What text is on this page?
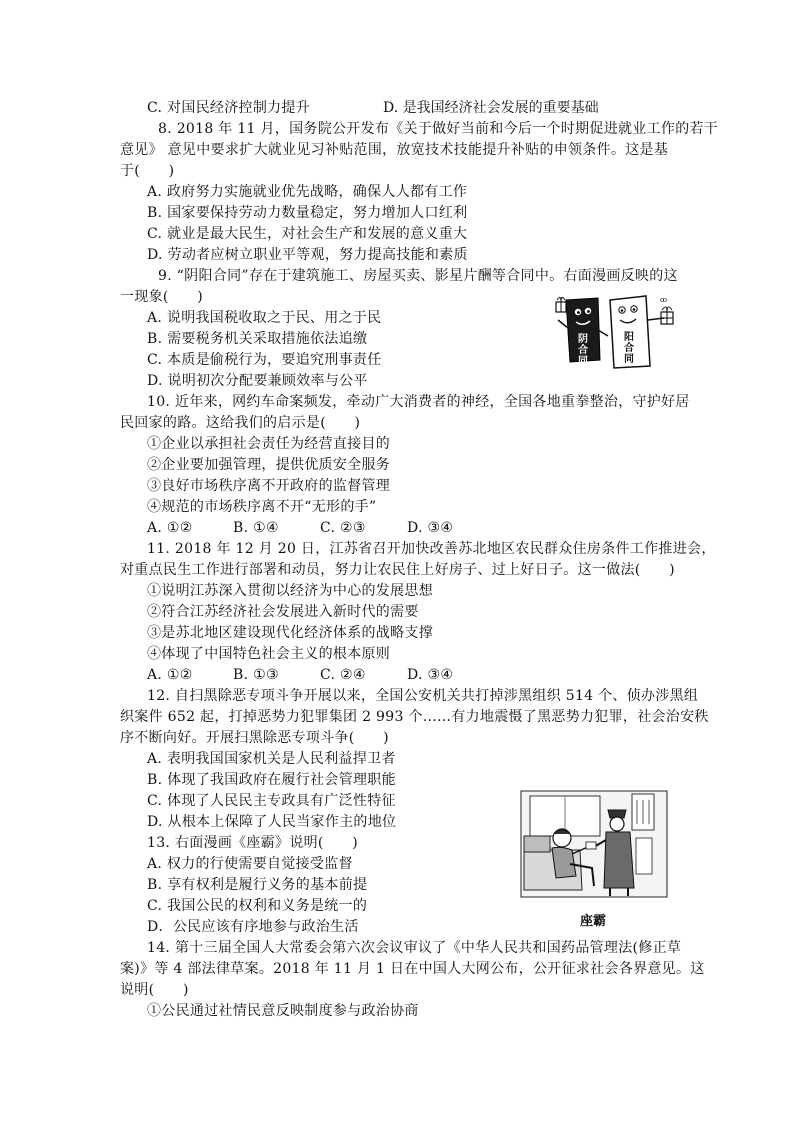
C. 对国民经济控制力提升	D. 是我国经济社会发展的重要基础
8. 2018 年 11 月，国务院公开发布《关于做好当前和今后一个时期促进就业工作的若干
意见》 意见中要求扩大就业见习补贴范围，放宽技术技能提升补贴的申领条件。这是基
于(　　)
A. 政府努力实施就业优先战略，确保人人都有工作
B. 国家要保持劳动力数量稳定，努力增加人口红利
C. 就业是最大民生，对社会生产和发展的意义重大
D. 劳动者应树立职业平等观，努力提高技能和素质
9. “阴阳合同”存在于建筑施工、房屋买卖、影星片酬等合同中。右面漫画反映的这
一现象(　　)
A. 说明我国税收取之于民、用之于民
B. 需要税务机关采取措施依法追缴
C. 本质是偷税行为，要追究刑事责任
D. 说明初次分配要兼顾效率与公平
ꝏ
阴合同
阳合同
10. 近年来，网约车命案频发，牵动广大消费者的神经，全国各地重拳整治，守护好居
民回家的路。这给我们的启示是(　　)
①企业以承担社会责任为经营直接目的
②企业要加强管理，提供优质安全服务
③良好市场秩序离不开政府的监督管理
④规范的市场秩序离不开“无形的手”
A. ①②	B. ①④	C. ②③	D. ③④
11. 2018 年 12 月 20 日，江苏省召开加快改善苏北地区农民群众住房条件工作推进会，
对重点民生工作进行部署和动员，努力让农民住上好房子、过上好日子。这一做法(　　)
①说明江苏深入贯彻以经济为中心的发展思想
②符合江苏经济社会发展进入新时代的需要
③是苏北地区建设现代化经济体系的战略支撑
④体现了中国特色社会主义的根本原则
A. ①②	B. ①③	C. ②④	D. ③④
12. 自扫黑除恶专项斗争开展以来，全国公安机关共打掉涉黑组织 514 个、侦办涉黑组
织案件 652 起，打掉恶势力犯罪集团 2 993 个……有力地震慑了黑恶势力犯罪，社会治安秩
序不断向好。开展扫黑除恶专项斗争(　　)
A. 表明我国国家机关是人民利益捍卫者
B. 体现了我国政府在履行社会管理职能
C. 体现了人民民主专政具有广泛性特征
D. 从根本上保障了人民当家作主的地位
13. 右面漫画《座霸》说明(　　)
A. 权力的行使需要自觉接受监督
B. 享有权利是履行义务的基本前提
C. 我国公民的权利和义务是统一的
D．公民应该有序地参与政治生活	座霸
14. 第十三届全国人大常委会第六次会议审议了《中华人民共和国药品管理法(修正草
案)》等 4 部法律草案。2018 年 11 月 1 日在中国人大网公布，公开征求社会各界意见。这
说明(　　)
①公民通过社情民意反映制度参与政治协商
